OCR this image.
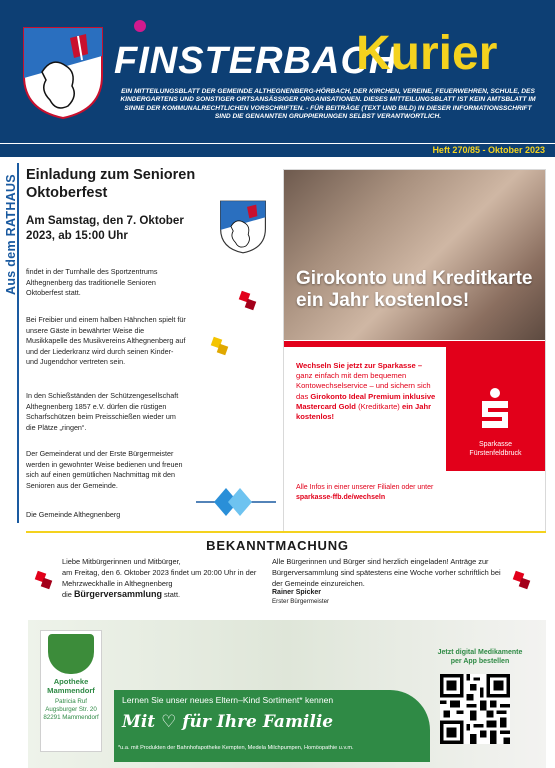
FINSTERBACH
Kurier
EIN MITTEILUNGSBLATT DER GEMEINDE ALTHEGNENBERG-HÖRBACH, DER KIRCHEN, VEREINE, FEUERWEHREN, SCHULE, DES KINDERGARTENS UND SONSTIGER ORTSANSÄSSIGER ORGANISATIONEN. DIESES MITTEILUNGSBLATT IST KEIN AMTSBLATT IM SINNE DER KOMMUNALRECHTLICHEN VORSCHRIFTEN. - FÜR BEITRÄGE (TEXT UND BILD) IN DIESER INFORMATIONSSCHRIFT SIND DIE GENANNTEN GRUPPIERUNGEN SELBST VERANTWORTLICH.
Heft 270/85 - Oktober 2023
Aus dem RATHAUS Einladung zum Senioren Oktoberfest
Am Samstag, den 7. Oktober 2023, ab 15:00 Uhr
findet in der Turnhalle des Sportzentrums Althegnenberg das traditionelle Senioren Oktoberfest statt.
Bei Freibier und einem halben Hähnchen spielt für unsere Gäste in bewährter Weise die Musikkapelle des Musikvereins Althegnenberg auf und der Liederkranz wird durch seinen Kinder- und Jugendchor vertreten sein.
In den Schießständen der Schützengesellschaft Althegnenberg 1857 e.V. dürfen die rüstigen Scharfschützen beim Preisschießen wieder um die Plätze „ringen“.
Der Gemeinderat und der Erste Bürgermeister werden in gewohnter Weise bedienen und freuen sich auf einen gemütlichen Nachmittag mit den Senioren aus der Gemeinde.
Die Gemeinde Althegnenberg
Girokonto und Kreditkarte ein Jahr kostenlos!
Wechseln Sie jetzt zur Sparkasse – ganz einfach mit dem bequemen Kontowechselservice – und sichern sich das Girokonto Ideal Premium inklusive Mastercard Gold (Kreditkarte) ein Jahr kostenlos!
Sparkasse
Fürstenfeldbruck
Alle Infos in einer unserer Filialen oder unter sparkasse-ffb.de/wechseln
BEKANNTMACHUNG
Liebe Mitbürgerinnen und Mitbürger,
am Freitag, den 6. Oktober 2023 findet um 20:00 Uhr in der Mehrzweckhalle in Althegnenberg
die Bürgerversammlung statt.
Alle Bürgerinnen und Bürger sind herzlich eingeladen! Anträge zur Bürgerversammlung sind spätestens eine Woche vorher schriftlich bei der Gemeinde einzureichen.
Rainer Spicker
Erster Bürgermeister
Apotheke
Mammendorf
Patricia Ruf
Augsburger Str. 20
82291 Mammendorf
Lernen Sie unser neues Eltern–Kind Sortiment* kennen
Mit ♡ für Ihre Familie
*u.a. mit Produkten der Bahnhofapotheke Kempten, Medela Milchpumpen, Homöopathie u.v.m.
Jetzt digital Medikamente
per App bestellen
